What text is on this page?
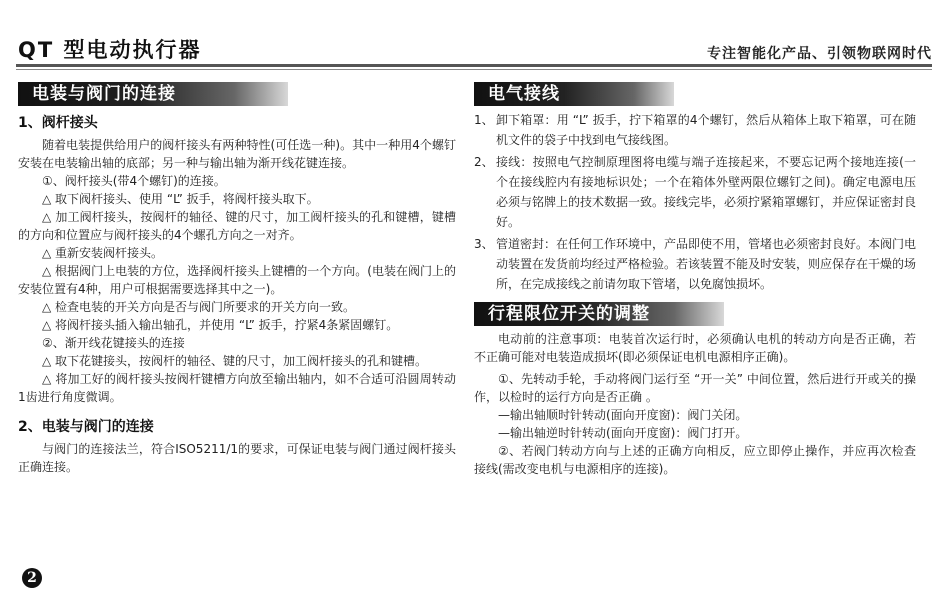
QT 型电动执行器	专注智能化产品、引领物联网时代
电装与阀门的连接
1、阀杆接头

随着电装提供给用户的阀杆接头有两种特性(可任选一种)。其中一种用4个螺钉安装在电装输出轴的底部；另一种与输出轴为渐开线花键连接。

①、阀杆接头(带4个螺钉)的连接。

△ 取下阀杆接头、使用 “L” 扳手，将阀杆接头取下。

△ 加工阀杆接头，按阀杆的轴径、键的尺寸，加工阀杆接头的孔和键槽，键槽的方向和位置应与阀杆接头的4个螺孔方向之一对齐。

△ 重新安装阀杆接头。

△ 根据阀门上电装的方位，选择阀杆接头上键槽的一个方向。(电装在阀门上的安装位置有4种，用户可根据需要选择其中之一)。

△ 检查电装的开关方向是否与阀门所要求的开关方向一致。

△ 将阀杆接头插入输出轴孔，并使用 “L” 扳手，拧紧4条紧固螺钉。

②、渐开线花键接头的连接

△ 取下花键接头，按阀杆的轴径、键的尺寸，加工阀杆接头的孔和键槽。

△ 将加工好的阀杆接头按阀杆键槽方向放至输出轴内，如不合适可沿圆周转动1齿进行角度微调。

2、电装与阀门的连接

与阀门的连接法兰，符合ISO5211/1的要求，可保证电装与阀门通过阀杆接头正确连接。

电气接线
1、 卸下箱罩：用 “L” 扳手，拧下箱罩的4个螺钉，然后从箱体上取下箱罩，可在随机文件的袋子中找到电气接线图。
2、 接线：按照电气控制原理图将电缆与端子连接起来，不要忘记两个接地连接(一个在接线腔内有接地标识处；一个在箱体外壁两限位螺钉之间)。确定电源电压必须与铭牌上的技术数据一致。接线完毕，必须拧紧箱罩螺钉，并应保证密封良好。
3、 管道密封：在任何工作环境中，产品即使不用，管堵也必须密封良好。本阀门电动装置在发货前均经过严格检验。若该装置不能及时安装，则应保存在干燥的场所，在完成接线之前请勿取下管堵，以免腐蚀损坏。
行程限位开关的调整

电动前的注意事项：电装首次运行时，必须确认电机的转动方向是否正确，若不正确可能对电装造成损坏(即必须保证电机电源相序正确)。

①、先转动手轮，手动将阀门运行至 “开一关” 中间位置，然后进行开或关的操作，以检时的运行方向是否正确 。

—输出轴顺时针转动(面向开度窗)：阀门关闭。

—输出轴逆时针转动(面向开度窗)：阀门打开。

②、若阀门转动方向与上述的正确方向相反，应立即停止操作，并应再次检查接线(需改变电机与电源相序的连接)。

2
